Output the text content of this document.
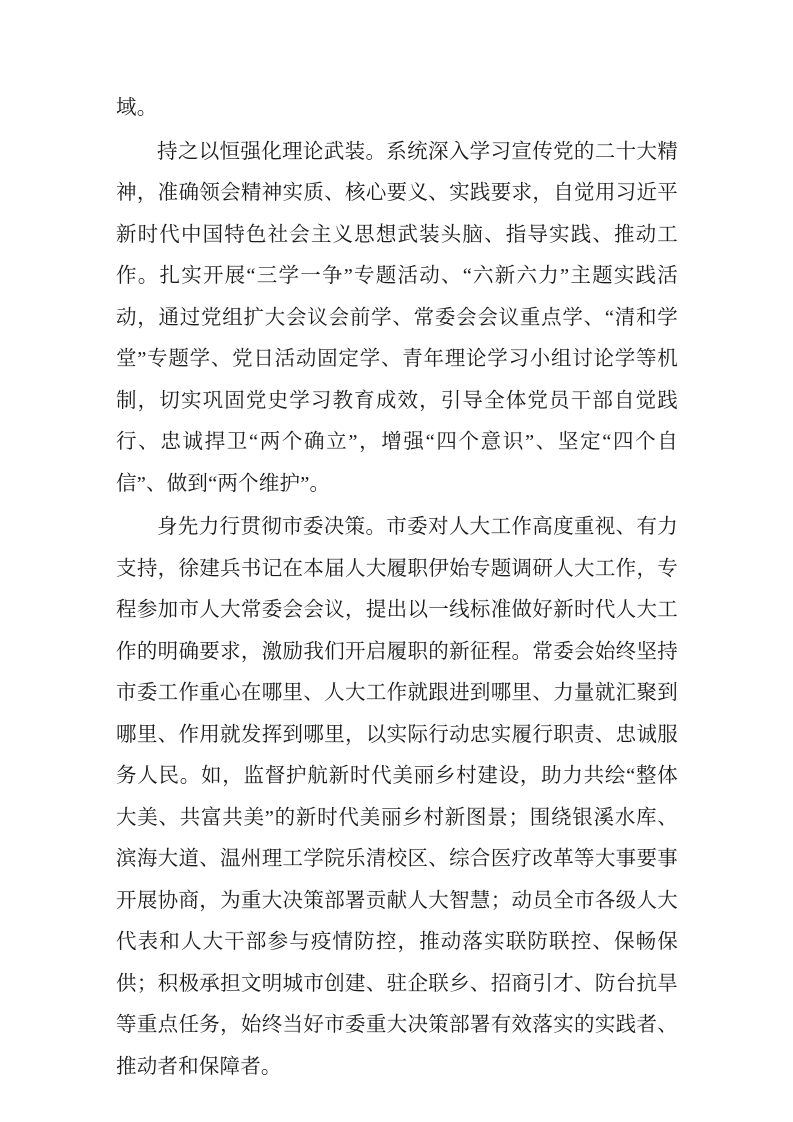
域。

持之以恒强化理论武装。系统深入学习宣传党的二十大精神，准确领会精神实质、核心要义、实践要求，自觉用习近平新时代中国特色社会主义思想武装头脑、指导实践、推动工作。扎实开展“三学一争”专题活动、“六新六力”主题实践活动，通过党组扩大会议会前学、常委会会议重点学、“清和学堂”专题学、党日活动固定学、青年理论学习小组讨论学等机制，切实巩固党史学习教育成效，引导全体党员干部自觉践行、忠诚捍卫“两个确立”，增强“四个意识”、坚定“四个自信”、做到“两个维护”。

身先力行贯彻市委决策。市委对人大工作高度重视、有力支持，徐建兵书记在本届人大履职伊始专题调研人大工作，专程参加市人大常委会会议，提出以一线标准做好新时代人大工作的明确要求，激励我们开启履职的新征程。常委会始终坚持市委工作重心在哪里、人大工作就跟进到哪里、力量就汇聚到哪里、作用就发挥到哪里，以实际行动忠实履行职责、忠诚服务人民。如，监督护航新时代美丽乡村建设，助力共绘“整体大美、共富共美”的新时代美丽乡村新图景；围绕银溪水库、滨海大道、温州理工学院乐清校区、综合医疗改革等大事要事开展协商，为重大决策部署贡献人大智慧；动员全市各级人大代表和人大干部参与疫情防控，推动落实联防联控、保畅保供；积极承担文明城市创建、驻企联乡、招商引才、防台抗旱等重点任务，始终当好市委重大决策部署有效落实的实践者、推动者和保障者。
